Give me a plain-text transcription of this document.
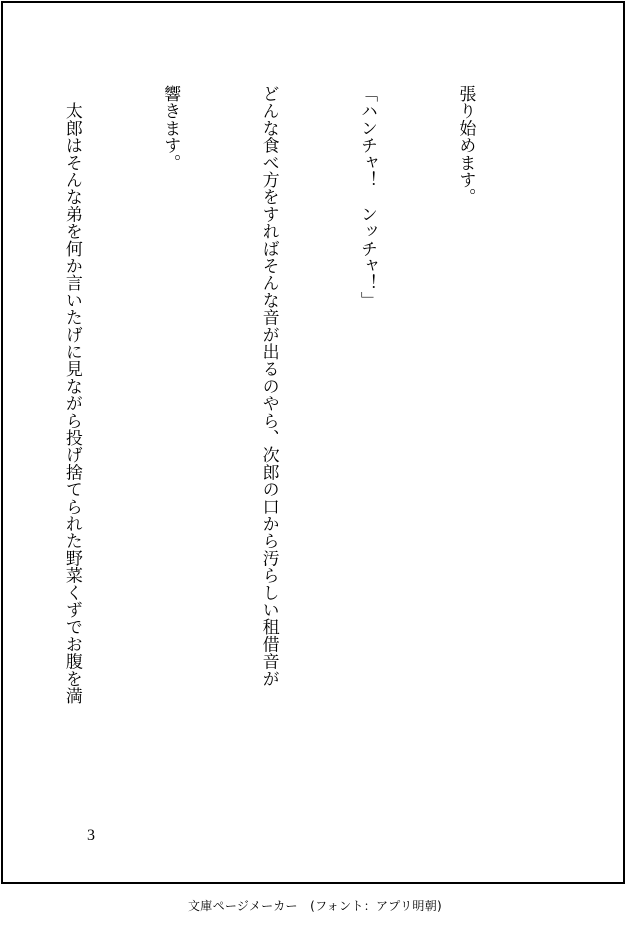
張り始めます。

「ハンチャ！　ンッチャ！」

どんな食べ方をすればそんな音が出るのやら、次郎の口から汚らしい租借音が

響きます。

　太郎はそんな弟を何か言いたげに見ながら投げ捨てられた野菜くずでお腹を満

3
文庫ページメーカー　(フォント：アプリ明朝)
